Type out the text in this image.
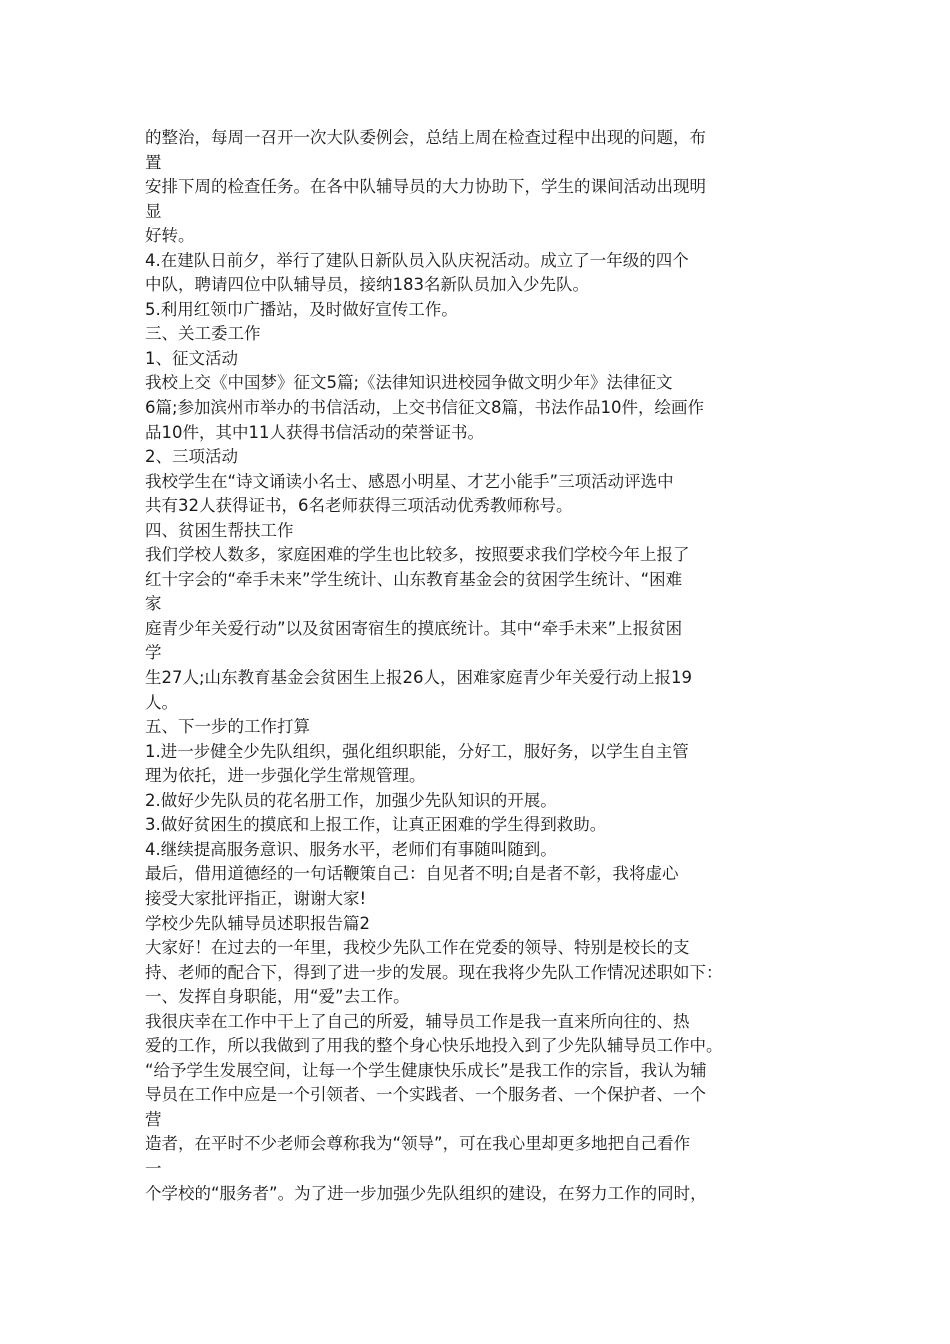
的整治，每周一召开一次大队委例会，总结上周在检查过程中出现的问题，布
置
安排下周的检查任务。在各中队辅导员的大力协助下，学生的课间活动出现明
显
好转。
4.在建队日前夕，举行了建队日新队员入队庆祝活动。成立了一年级的四个
中队，聘请四位中队辅导员，接纳183名新队员加入少先队。
5.利用红领巾广播站，及时做好宣传工作。
三、关工委工作
1、征文活动
我校上交《中国梦》征文5篇;《法律知识进校园争做文明少年》法律征文
6篇;参加滨州市举办的书信活动，上交书信征文8篇，书法作品10件，绘画作
品10件，其中11人获得书信活动的荣誉证书。
2、三项活动
我校学生在“诗文诵读小名士、感恩小明星、才艺小能手”三项活动评选中
共有32人获得证书，6名老师获得三项活动优秀教师称号。
四、贫困生帮扶工作
我们学校人数多，家庭困难的学生也比较多，按照要求我们学校今年上报了
红十字会的“牵手未来”学生统计、山东教育基金会的贫困学生统计、“困难
家
庭青少年关爱行动”以及贫困寄宿生的摸底统计。其中“牵手未来”上报贫困
学
生27人;山东教育基金会贫困生上报26人，困难家庭青少年关爱行动上报19
人。
五、下一步的工作打算
1.进一步健全少先队组织，强化组织职能，分好工，服好务，以学生自主管
理为依托，进一步强化学生常规管理。
2.做好少先队员的花名册工作，加强少先队知识的开展。
3.做好贫困生的摸底和上报工作，让真正困难的学生得到救助。
4.继续提高服务意识、服务水平，老师们有事随叫随到。
最后，借用道德经的一句话鞭策自己：自见者不明;自是者不彰，我将虚心
接受大家批评指正，谢谢大家!
学校少先队辅导员述职报告篇2
大家好！在过去的一年里，我校少先队工作在党委的领导、特别是校长的支
持、老师的配合下，得到了进一步的发展。现在我将少先队工作情况述职如下：
一、发挥自身职能，用“爱”去工作。
我很庆幸在工作中干上了自己的所爱，辅导员工作是我一直来所向往的、热
爱的工作，所以我做到了用我的整个身心快乐地投入到了少先队辅导员工作中。
“给予学生发展空间，让每一个学生健康快乐成长”是我工作的宗旨，我认为辅
导员在工作中应是一个引领者、一个实践者、一个服务者、一个保护者、一个
营
造者，在平时不少老师会尊称我为“领导”，可在我心里却更多地把自己看作
一
个学校的“服务者”。为了进一步加强少先队组织的建设，在努力工作的同时，
